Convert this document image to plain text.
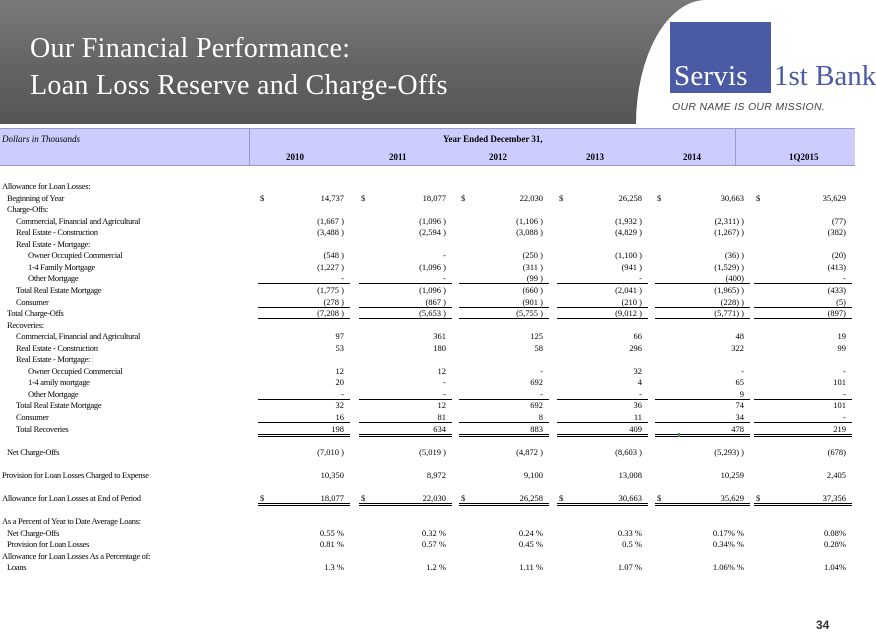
Our Financial Performance:
Loan Loss Reserve and Charge-Offs	Servis 1st Bank
OUR NAME IS OUR MISSION.
Dollars in Thousands	Year Ended December 31,
2010	2011	2012	2013	2014	1Q2015
Allowance for Loan Losses:
Beginning of Year	$	14,737 $	18,077 $	22,030 $	26,258 $	30,663 $	35,629
Charge-Offs:
Commercial, Financial and Agricultural	(1,667 )	(1,096 )	(1,106 )	(1,932 )	(2,311) )	(77)
Real Estate - Construction	(3,488 )	(2,594 )	(3,088 )	(4,829 )	(1,267) )	(382)
Real Estate - Mortgage:
Owner Occupied Commercial	(548 )	-	(250 )	(1,100 )	(36) )	(20)
1-4 Family Mortgage	(1,227 )	(1,096 )	(311 )	(941 )	(1,529) )	(413)
Other Mortgage	-	-	(99 )	-	(400)	-
Total Real Estate Mortgage	(1,775 )	(1,096 )	(660 )	(2,041 )	(1,965) )	(433)
Consumer	(278 )	(867 )	(901 )	(210 )	(228) )	(5)
Total Charge-Offs	(7,208 )	(5,653 )	(5,755 )	(9,012 )	(5,771) )	(897)
Recoveries:
Commercial, Financial and Agricultural	97	361	125	66	48	19
Real Estate - Construction	53	180	58	296	322	99
Real Estate - Mortgage:
Owner Occupied Commercial	12	12	-	32	-	-
1-4 amily mortgage	20	-	692	4	65	101
Other Mortgage	-	-	-	-	9	-
Total Real Estate Mortgage	32	12	692	36	74	101
Consumer	16	81	8	11	34	-
Total Recoveries	198	634	883	409	478	219
Net Charge-Offs	(7,010 )	(5,019 )	(4,872 )	(8,603 )	(5,293) )	(678)
Provision for Loan Losses Charged to Expense	10,350	8,972	9,100	13,008	10,259	2,405
Allowance for Loan Losses at End of Period	$	18,077 $	22,030 $	26,258 $	30,663 $	35,629 $	37,356
As a Percent of Year to Date Average Loans:
Net Charge-Offs	0.55 %	0.32 %	0.24 %	0.33 %	0.17% %	0.08%
Provision for Loan Losses	0.81 %	0.57 %	0.45 %	0.5 %	0.34% %	0.28%
Allowance for Loan Losses As a Percentage of:
Loans	1.3 %	1.2 %	1.11 %	1.07 %	1.06% %	1.04%
34
